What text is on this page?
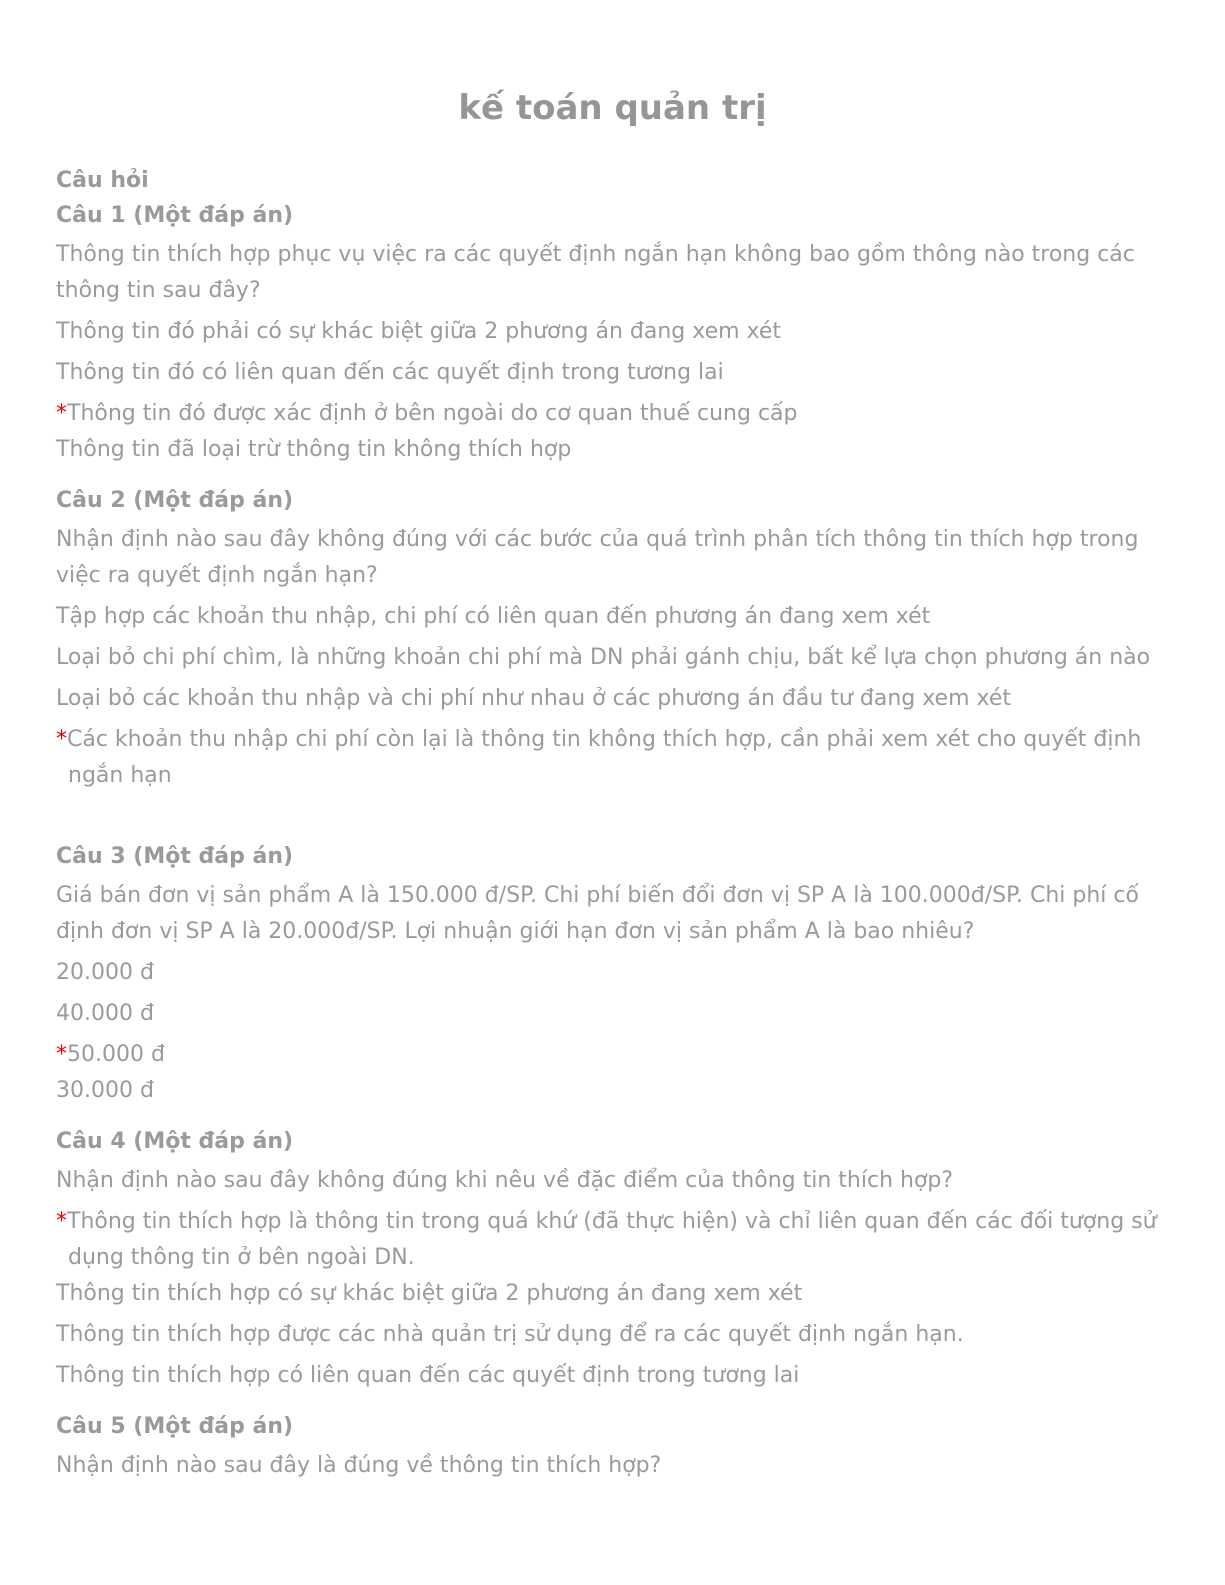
kế toán quản trị

Câu hỏi

Câu 1 (Một đáp án)

Thông tin thích hợp phục vụ việc ra các quyết định ngắn hạn không bao gồm thông nào trong các thông tin sau đây?

Thông tin đó phải có sự khác biệt giữa 2 phương án đang xem xét

Thông tin đó có liên quan đến các quyết định trong tương lai

*Thông tin đó được xác định ở bên ngoài do cơ quan thuế cung cấp

Thông tin đã loại trừ thông tin không thích hợp

Câu 2 (Một đáp án)

Nhận định nào sau đây không đúng với các bước của quá trình phân tích thông tin thích hợp trong việc ra quyết định ngắn hạn?

Tập hợp các khoản thu nhập, chi phí có liên quan đến phương án đang xem xét

Loại bỏ chi phí chìm, là những khoản chi phí mà DN phải gánh chịu, bất kể lựa chọn phương án nào

Loại bỏ các khoản thu nhập và chi phí như nhau ở các phương án đầu tư đang xem xét

*Các khoản thu nhập chi phí còn lại là thông tin không thích hợp, cần phải xem xét cho quyết định ngắn hạn

Câu 3 (Một đáp án)

Giá bán đơn vị sản phẩm A là 150.000 đ/SP. Chi phí biến đổi đơn vị SP A là 100.000đ/SP. Chi phí cố định đơn vị SP A là 20.000đ/SP. Lợi nhuận giới hạn đơn vị sản phẩm A là bao nhiêu?

20.000 đ

40.000 đ

*50.000 đ

30.000 đ

Câu 4 (Một đáp án)

Nhận định nào sau đây không đúng khi nêu về đặc điểm của thông tin thích hợp?

*Thông tin thích hợp là thông tin trong quá khứ (đã thực hiện) và chỉ liên quan đến các đối tượng sử dụng thông tin ở bên ngoài DN.

Thông tin thích hợp có sự khác biệt giữa 2 phương án đang xem xét

Thông tin thích hợp được các nhà quản trị sử dụng để ra các quyết định ngắn hạn.

Thông tin thích hợp có liên quan đến các quyết định trong tương lai

Câu 5 (Một đáp án)

Nhận định nào sau đây là đúng về thông tin thích hợp?
